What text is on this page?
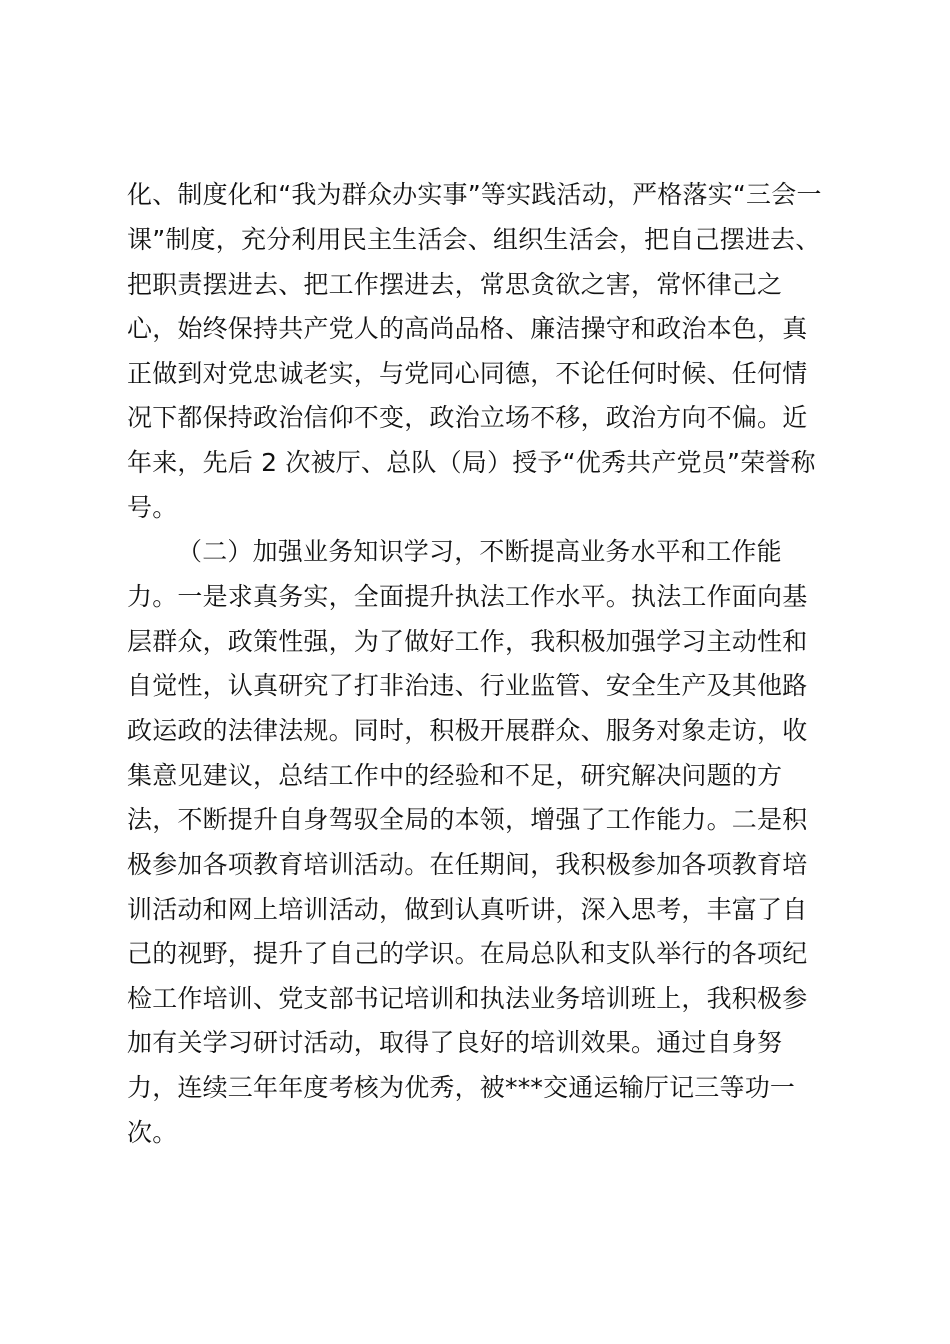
化、制度化和“我为群众办实事”等实践活动，严格落实“三会一
课”制度，充分利用民主生活会、组织生活会，把自己摆进去、
把职责摆进去、把工作摆进去，常思贪欲之害，常怀律己之
心，始终保持共产党人的高尚品格、廉洁操守和政治本色，真
正做到对党忠诚老实，与党同心同德，不论任何时候、任何情
况下都保持政治信仰不变，政治立场不移，政治方向不偏。近
年来，先后 2 次被厅、总队（局）授予“优秀共产党员”荣誉称
号。
（二）加强业务知识学习，不断提高业务水平和工作能
力。一是求真务实，全面提升执法工作水平。执法工作面向基
层群众，政策性强，为了做好工作，我积极加强学习主动性和
自觉性，认真研究了打非治违、行业监管、安全生产及其他路
政运政的法律法规。同时，积极开展群众、服务对象走访，收
集意见建议，总结工作中的经验和不足，研究解决问题的方
法，不断提升自身驾驭全局的本领，增强了工作能力。二是积
极参加各项教育培训活动。在任期间，我积极参加各项教育培
训活动和网上培训活动，做到认真听讲，深入思考，丰富了自
己的视野，提升了自己的学识。在局总队和支队举行的各项纪
检工作培训、党支部书记培训和执法业务培训班上，我积极参
加有关学习研讨活动，取得了良好的培训效果。通过自身努
力，连续三年年度考核为优秀，被***交通运输厅记三等功一
次。
